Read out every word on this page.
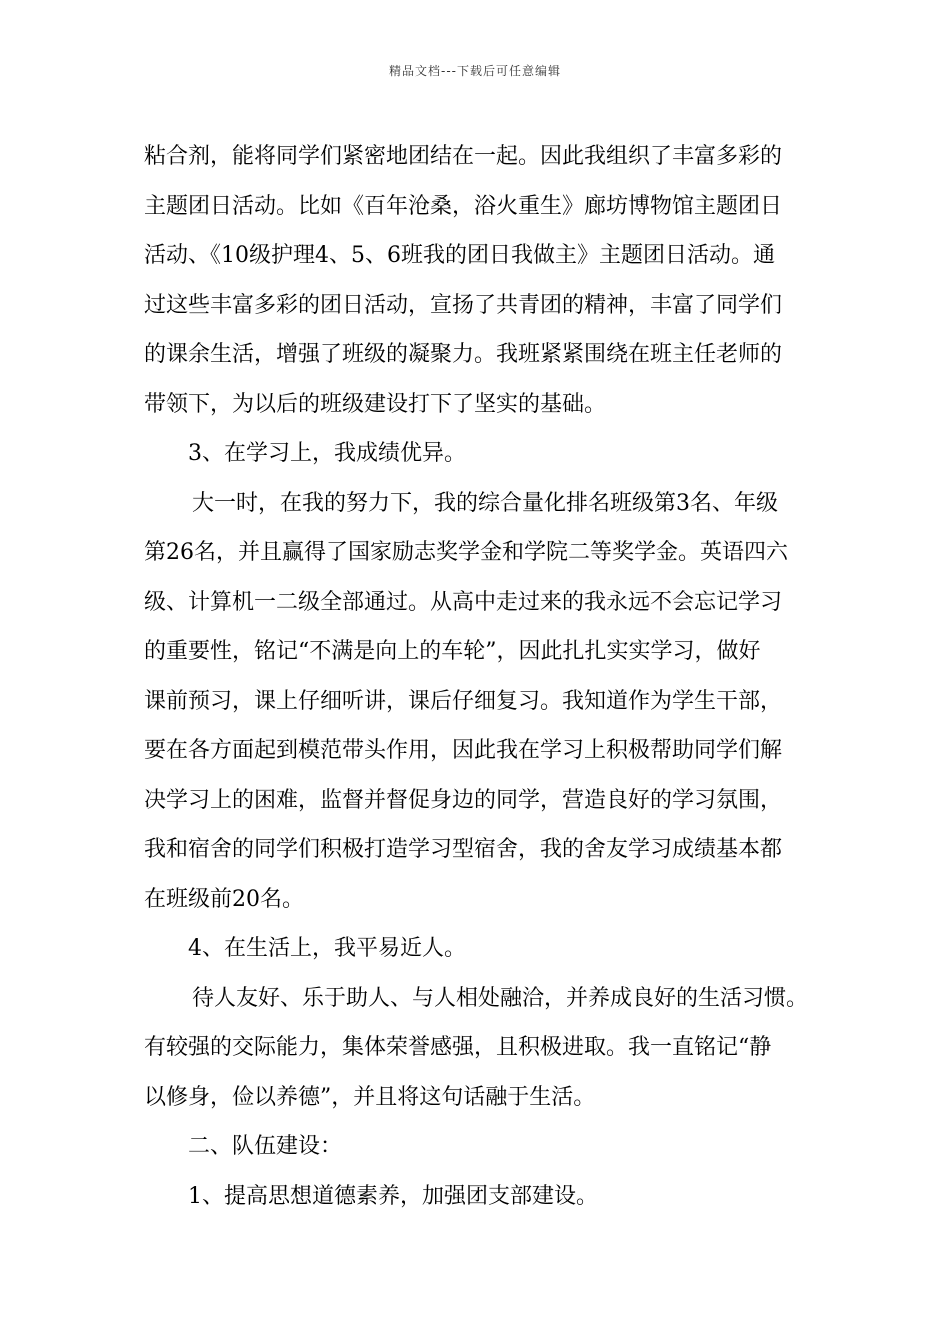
精品文档---下载后可任意编辑
粘合剂，能将同学们紧密地团结在一起。因此我组织了丰富多彩的
主题团日活动。比如《百年沧桑，浴火重生》廊坊博物馆主题团日
活动、《10级护理4、5、6班我的团日我做主》主题团日活动。通
过这些丰富多彩的团日活动，宣扬了共青团的精神，丰富了同学们
的课余生活，增强了班级的凝聚力。我班紧紧围绕在班主任老师的
带领下，为以后的班级建设打下了坚实的基础。
3、在学习上，我成绩优异。
大一时，在我的努力下，我的综合量化排名班级第3名、年级
第26名，并且赢得了国家励志奖学金和学院二等奖学金。英语四六
级、计算机一二级全部通过。从高中走过来的我永远不会忘记学习
的重要性，铭记“不满是向上的车轮”，因此扎扎实实学习，做好
课前预习，课上仔细听讲，课后仔细复习。我知道作为学生干部，
要在各方面起到模范带头作用，因此我在学习上积极帮助同学们解
决学习上的困难，监督并督促身边的同学，营造良好的学习氛围，
我和宿舍的同学们积极打造学习型宿舍，我的舍友学习成绩基本都
在班级前20名。
4、在生活上，我平易近人。
待人友好、乐于助人、与人相处融洽，并养成良好的生活习惯。
有较强的交际能力，集体荣誉感强，且积极进取。我一直铭记“静
以修身，俭以养德”，并且将这句话融于生活。
二、队伍建设：
1、提高思想道德素养，加强团支部建设。
